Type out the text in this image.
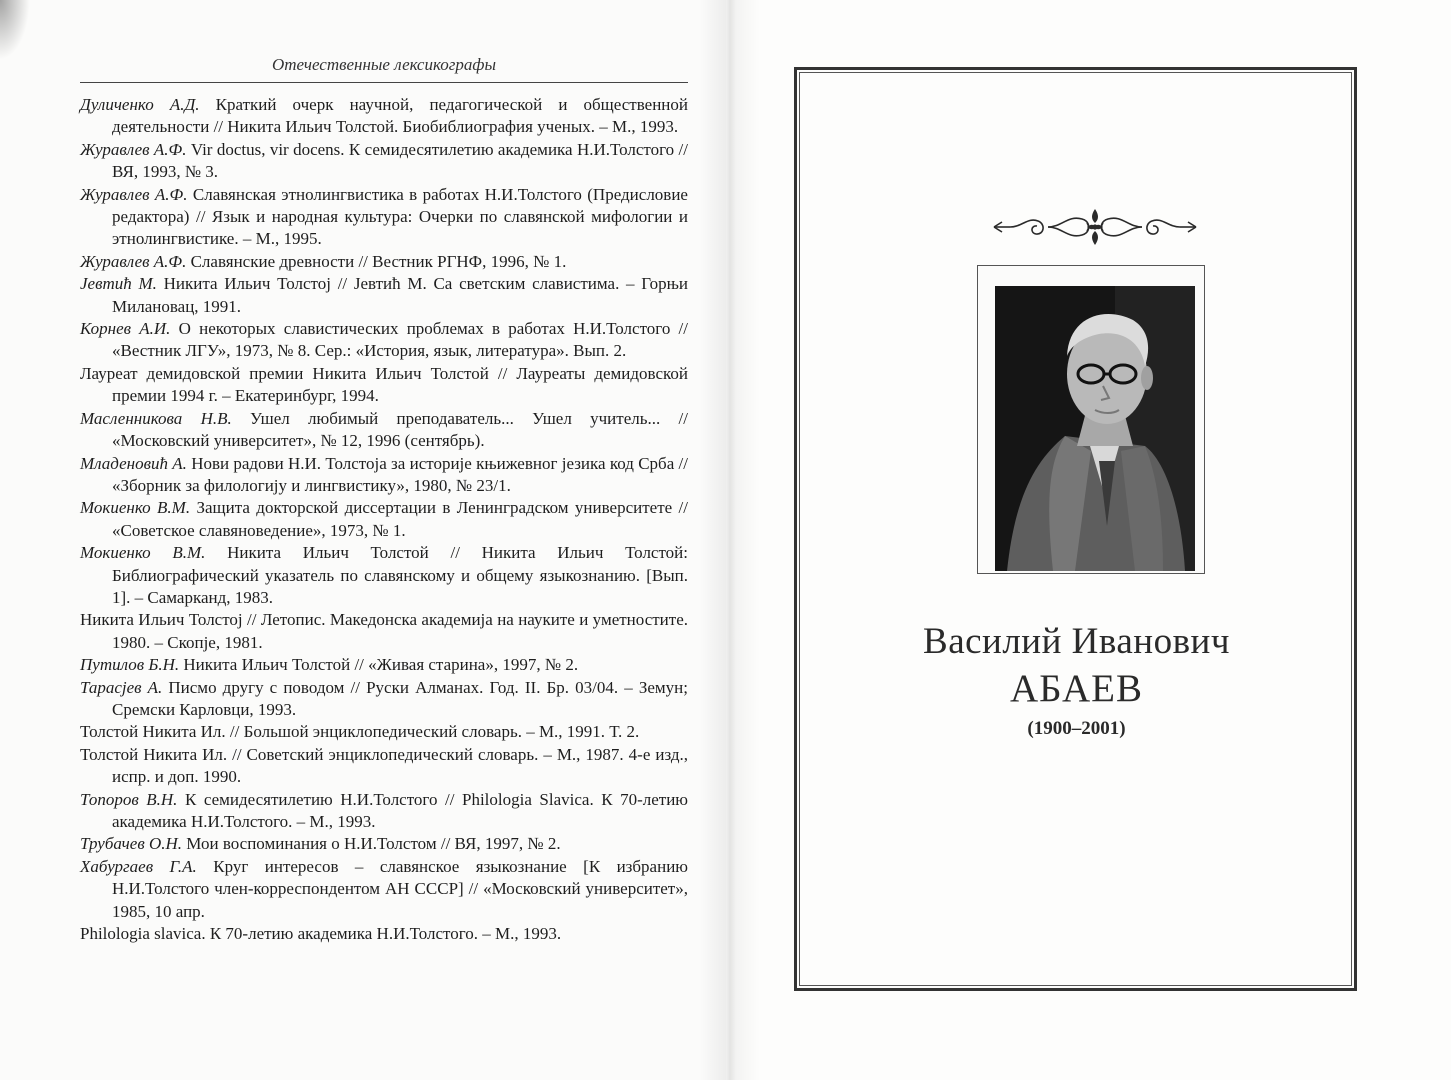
Отечественные лексикографы
Дуличенко А.Д. Краткий очерк научной, педагогической и общественной деятельности // Никита Ильич Толстой. Биобиблиография ученых. – М., 1993.
Журавлев А.Ф. Vir doctus, vir docens. К семидесятилетию академика Н.И.Толстого // ВЯ, 1993, № 3.
Журавлев А.Ф. Славянская этнолингвистика в работах Н.И.Толстого (Предисловие редактора) // Язык и народная культура: Очерки по славянской мифологии и этнолингвистике. – М., 1995.
Журавлев А.Ф. Славянские древности // Вестник РГНФ, 1996, № 1.
Јевтић М. Никита Ильич Толстој // Јевтић М. Са светским славистима. – Горњи Милановац, 1991.
Корнев А.И. О некоторых славистических проблемах в работах Н.И.Толстого // «Вестник ЛГУ», 1973, № 8. Сер.: «История, язык, литература». Вып. 2.
Лауреат демидовской премии Никита Ильич Толстой // Лауреаты демидовской премии 1994 г. – Екатеринбург, 1994.
Масленникова Н.В. Ушел любимый преподаватель... Ушел учитель... // «Московский университет», № 12, 1996 (сентябрь).
Младеновић А. Нови радови Н.И. Толстоја за историје књижевног језика код Срба // «Зборник за филологију и лингвистику», 1980, № 23/1.
Мокиенко В.М. Защита докторской диссертации в Ленинградском университете // «Советское славяноведение», 1973, № 1.
Мокиенко В.М. Никита Ильич Толстой // Никита Ильич Толстой: Библиографический указатель по славянскому и общему языкознанию. [Вып. 1]. – Самарканд, 1983.
Никита Ильич Толстој // Летопис. Македонска академија на науките и уметностите. 1980. – Скопје, 1981.
Путилов Б.Н. Никита Ильич Толстой // «Живая старина», 1997, № 2.
Тарасјев А. Писмо другу с поводом // Руски Алманах. Год. II. Бр. 03/04. – Земун; Сремски Карловци, 1993.
Толстой Никита Ил. // Большой энциклопедический словарь. – М., 1991. Т. 2.
Толстой Никита Ил. // Советский энциклопедический словарь. – М., 1987. 4-е изд., испр. и доп. 1990.
Топоров В.Н. К семидесятилетию Н.И.Толстого // Philologia Slavica. К 70-летию академика Н.И.Толстого. – М., 1993.
Трубачев О.Н. Мои воспоминания о Н.И.Толстом // ВЯ, 1997, № 2.
Хабургаев Г.А. Круг интересов – славянское языкознание [К избранию Н.И.Толстого член-корреспондентом АН СССР] // «Московский университет», 1985, 10 апр.
Philologia slavica. К 70-летию академика Н.И.Толстого. – М., 1993.
Василий Иванович
АБАЕВ
(1900–2001)
